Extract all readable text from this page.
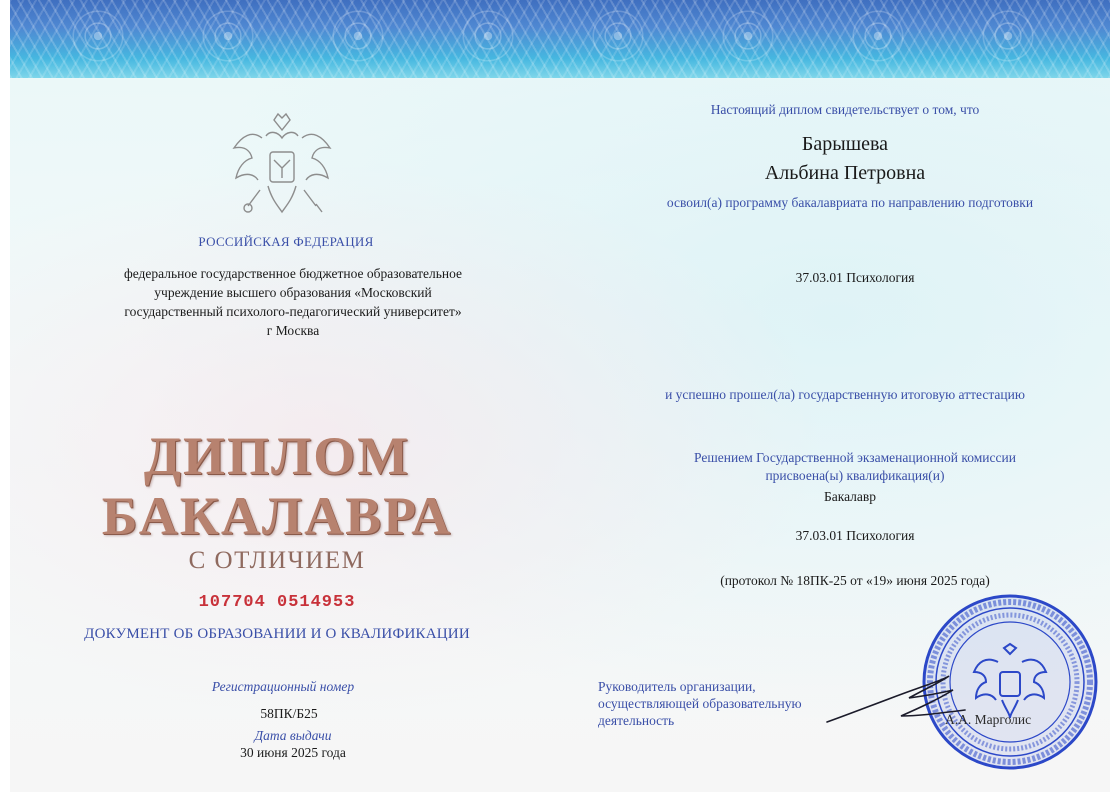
РОССИЙСКАЯ ФЕДЕРАЦИЯ
федеральное государственное бюджетное образовательное
учреждение высшего образования «Московский
государственный психолого-педагогический университет»
г Москва
ДИПЛОМ
БАКАЛАВРА
С ОТЛИЧИЕМ
107704 0514953
ДОКУМЕНТ ОБ ОБРАЗОВАНИИ И О КВАЛИФИКАЦИИ
Регистрационный номер
58ПК/Б25
Дата выдачи
30 июня 2025 года
Настоящий диплом свидетельствует о том, что
Барышева
Альбина Петровна
освоил(а) программу бакалавриата по направлению подготовки
37.03.01 Психология
и успешно прошел(ла) государственную итоговую аттестацию
Решением Государственной экзаменационной комиссии
присвоена(ы) квалификация(и)
Бакалавр
37.03.01 Психология
(протокол № 18ПК-25 от «19» июня 2025 года)
Руководитель организации,
осуществляющей образовательную
деятельность	А.А. Марголис
